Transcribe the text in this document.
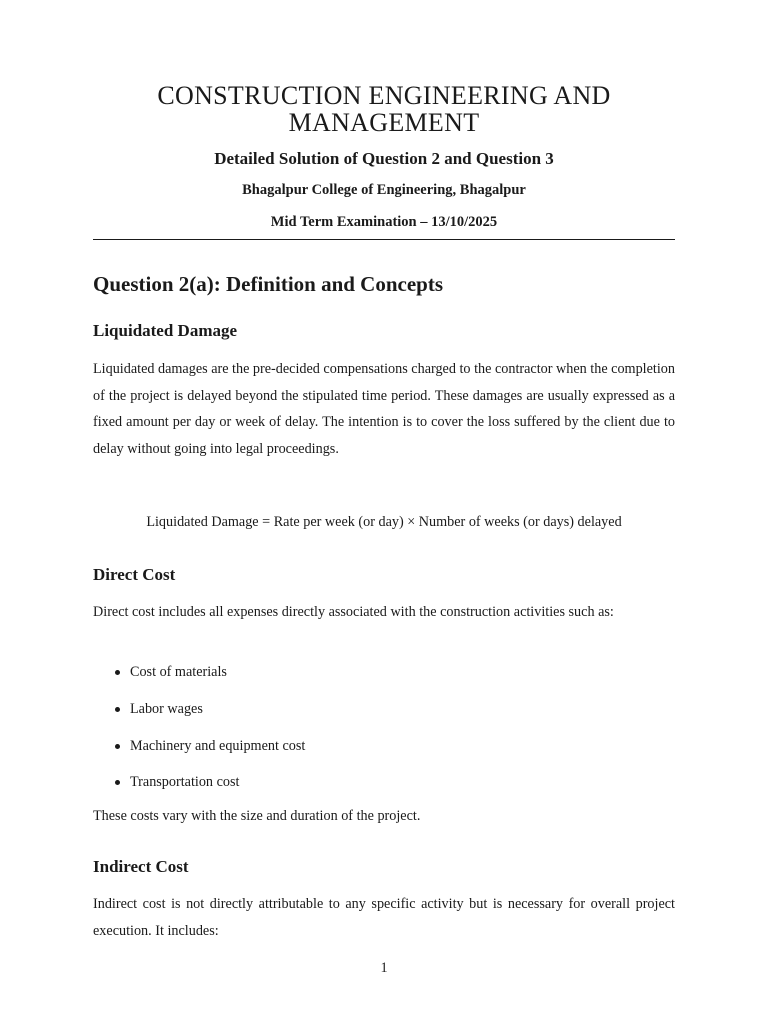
CONSTRUCTION ENGINEERING AND MANAGEMENT
Detailed Solution of Question 2 and Question 3
Bhagalpur College of Engineering, Bhagalpur
Mid Term Examination – 13/10/2025
Question 2(a): Definition and Concepts
Liquidated Damage

Liquidated damages are the pre-decided compensations charged to the contractor when the completion of the project is delayed beyond the stipulated time period. These damages are usually expressed as a fixed amount per day or week of delay. The intention is to cover the loss suffered by the client due to delay without going into legal proceedings.

Liquidated Damage = Rate per week (or day) × Number of weeks (or days) delayed
Direct Cost

Direct cost includes all expenses directly associated with the construction activities such as:

Cost of materials
Labor wages
Machinery and equipment cost
Transportation cost

These costs vary with the size and duration of the project.

Indirect Cost

Indirect cost is not directly attributable to any specific activity but is necessary for overall project execution. It includes:

1
